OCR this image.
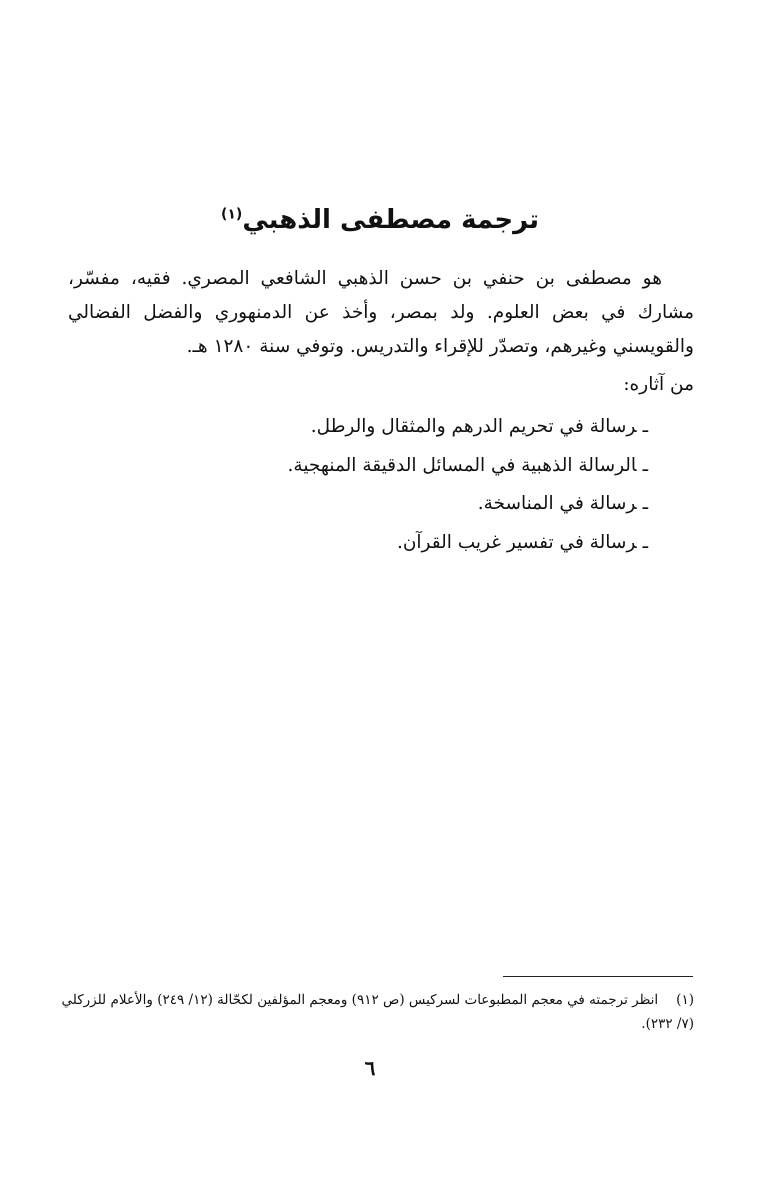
ترجمة مصطفى الذهبي$^{(١)}$

هو مصطفى بن حنفي بن حسن الذهبي الشافعي المصري. فقيه، مفسّر، مشارك في بعض العلوم. ولد بمصر، وأخذ عن الدمنهوري والفضل الفضالي والقويسني وغيرهم، وتصدّر للإقراء والتدريس. وتوفي سنة ١٢٨٠ هـ.

من آثاره:
ـرسالة في تحريم الدرهم والمثقال والرطل.
ـالرسالة الذهبية في المسائل الدقيقة المنهجية.
ـرسالة في المناسخة.
ـرسالة في تفسير غريب القرآن.
(١)انظر ترجمته في معجم المطبوعات لسركيس (ص ٩١٢) ومعجم المؤلفين لكحّالة (١٢/ ٢٤٩) والأعلام للزركلي (٧/ ٢٣٢).
٦
